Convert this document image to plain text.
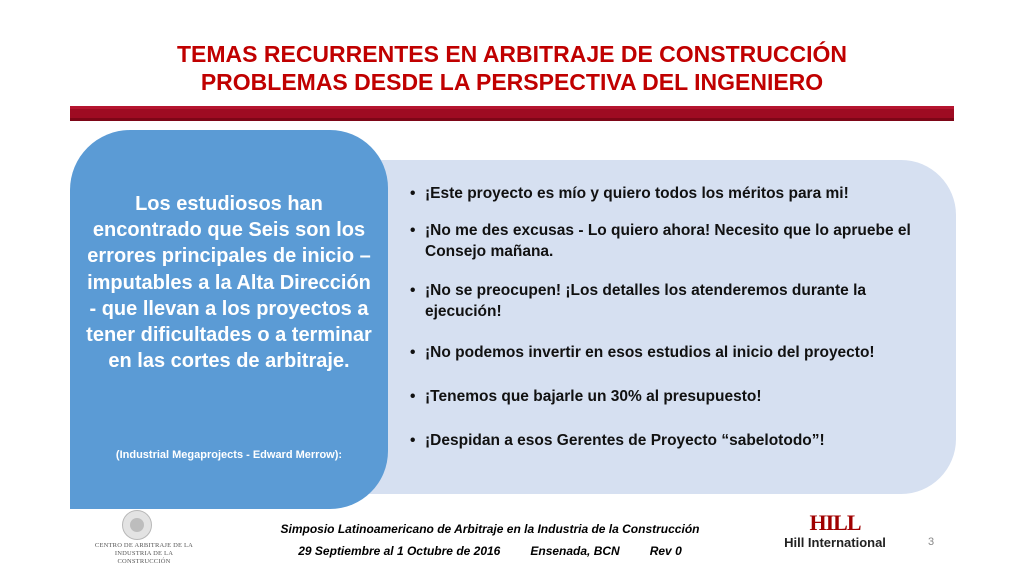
TEMAS RECURRENTES EN ARBITRAJE DE CONSTRUCCIÓN
PROBLEMAS DESDE LA PERSPECTIVA DEL INGENIERO
• ¡Este proyecto es mío y quiero todos los méritos para mi!
• ¡No me des excusas - Lo quiero ahora! Necesito que lo apruebe el Consejo mañana.
• ¡No se preocupen! ¡Los detalles los atenderemos durante la ejecución!
• ¡No podemos invertir en esos estudios al inicio del proyecto!
• ¡Tenemos que bajarle un 30% al presupuesto!
• ¡Despidan a esos Gerentes de Proyecto “sabelotodo”!
Los estudiosos han encontrado que Seis son los errores principales de inicio – imputables a la Alta Dirección - que llevan a los proyectos a tener dificultades o a terminar en las cortes de arbitraje.
(Industrial Megaprojects - Edward Merrow):
CENTRO DE ARBITRAJE DE LA
INDUSTRIA DE LA CONSTRUCCIÓN
Simposio Latinoamericano de Arbitraje en la Industria de la Construcción
29 Septiembre al 1 Octubre de 2016	Ensenada, BCN	Rev 0
HILL
Hill International	3
